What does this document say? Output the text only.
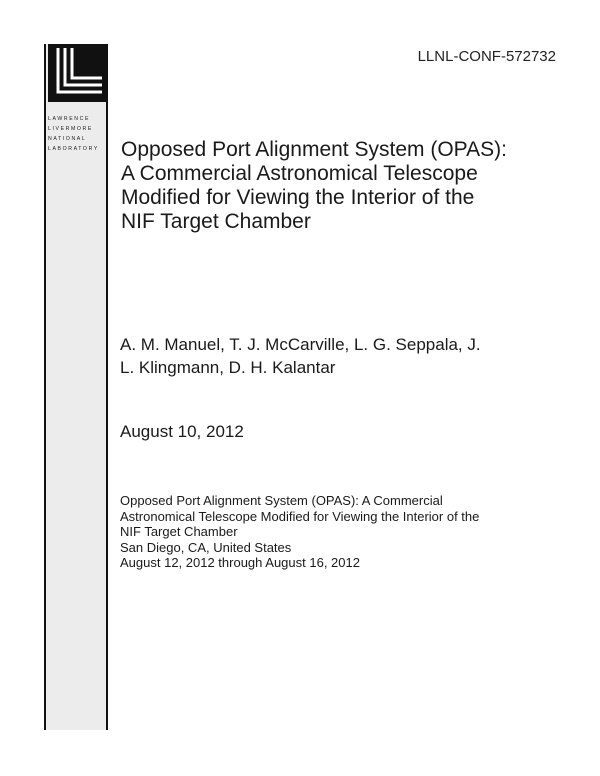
LAWRENCE
LIVERMORE
NATIONAL
LABORATORY
LLNL-CONF-572732
Opposed Port Alignment System (OPAS):
A Commercial Astronomical Telescope
Modified for Viewing the Interior of the
NIF Target Chamber
A. M. Manuel, T. J. McCarville, L. G. Seppala, J.
L. Klingmann, D. H. Kalantar
August 10, 2012
Opposed Port Alignment System (OPAS): A Commercial
Astronomical Telescope Modified for Viewing the Interior of the
NIF Target Chamber
San Diego, CA, United States
August 12, 2012 through August 16, 2012
